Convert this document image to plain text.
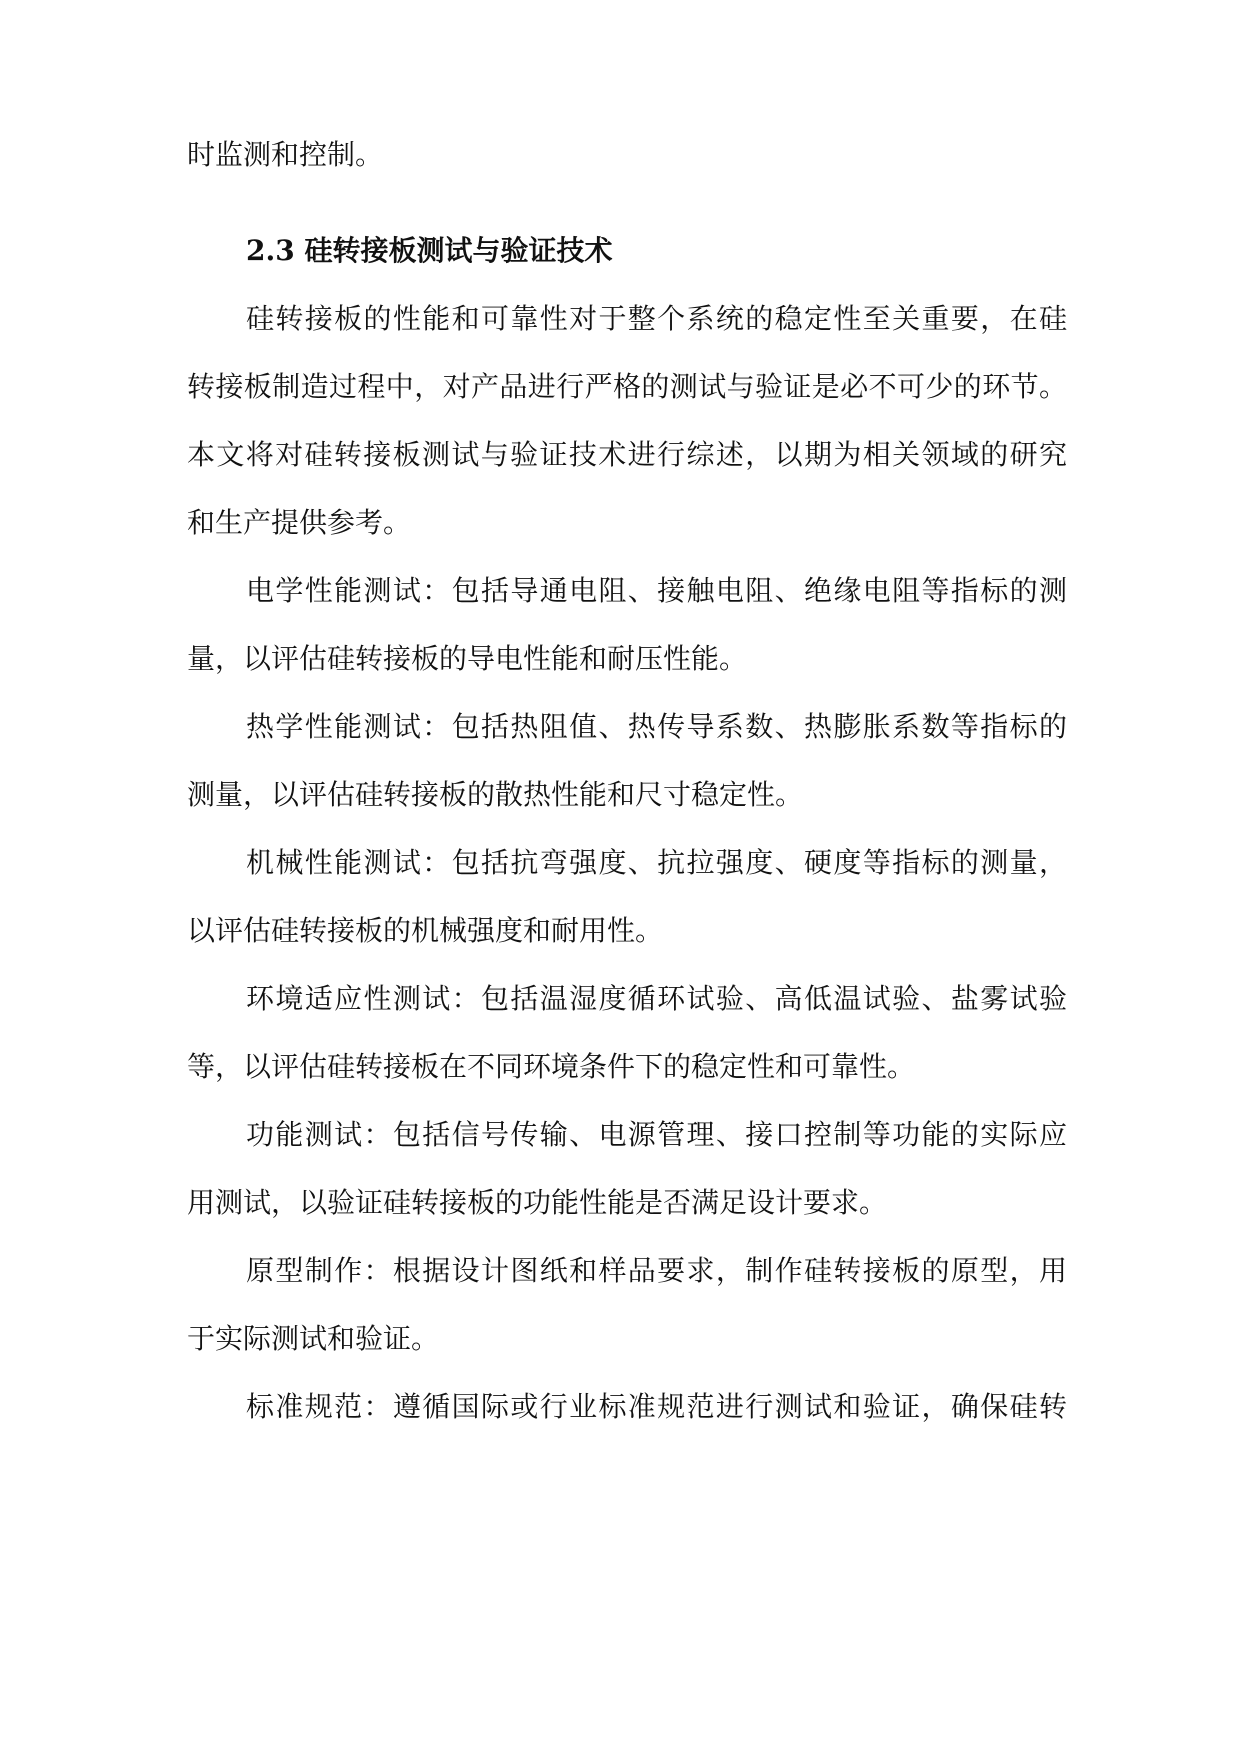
时监测和控制。
2.3 硅转接板测试与验证技术
硅转接板的性能和可靠性对于整个系统的稳定性至关重要，在硅
转接板制造过程中，对产品进行严格的测试与验证是必不可少的环节。
本文将对硅转接板测试与验证技术进行综述，以期为相关领域的研究
和生产提供参考。
电学性能测试：包括导通电阻、接触电阻、绝缘电阻等指标的测
量，以评估硅转接板的导电性能和耐压性能。
热学性能测试：包括热阻值、热传导系数、热膨胀系数等指标的
测量，以评估硅转接板的散热性能和尺寸稳定性。
机械性能测试：包括抗弯强度、抗拉强度、硬度等指标的测量，
以评估硅转接板的机械强度和耐用性。
环境适应性测试：包括温湿度循环试验、高低温试验、盐雾试验
等，以评估硅转接板在不同环境条件下的稳定性和可靠性。
功能测试：包括信号传输、电源管理、接口控制等功能的实际应
用测试，以验证硅转接板的功能性能是否满足设计要求。
原型制作：根据设计图纸和样品要求，制作硅转接板的原型，用
于实际测试和验证。
标准规范：遵循国际或行业标准规范进行测试和验证，确保硅转
